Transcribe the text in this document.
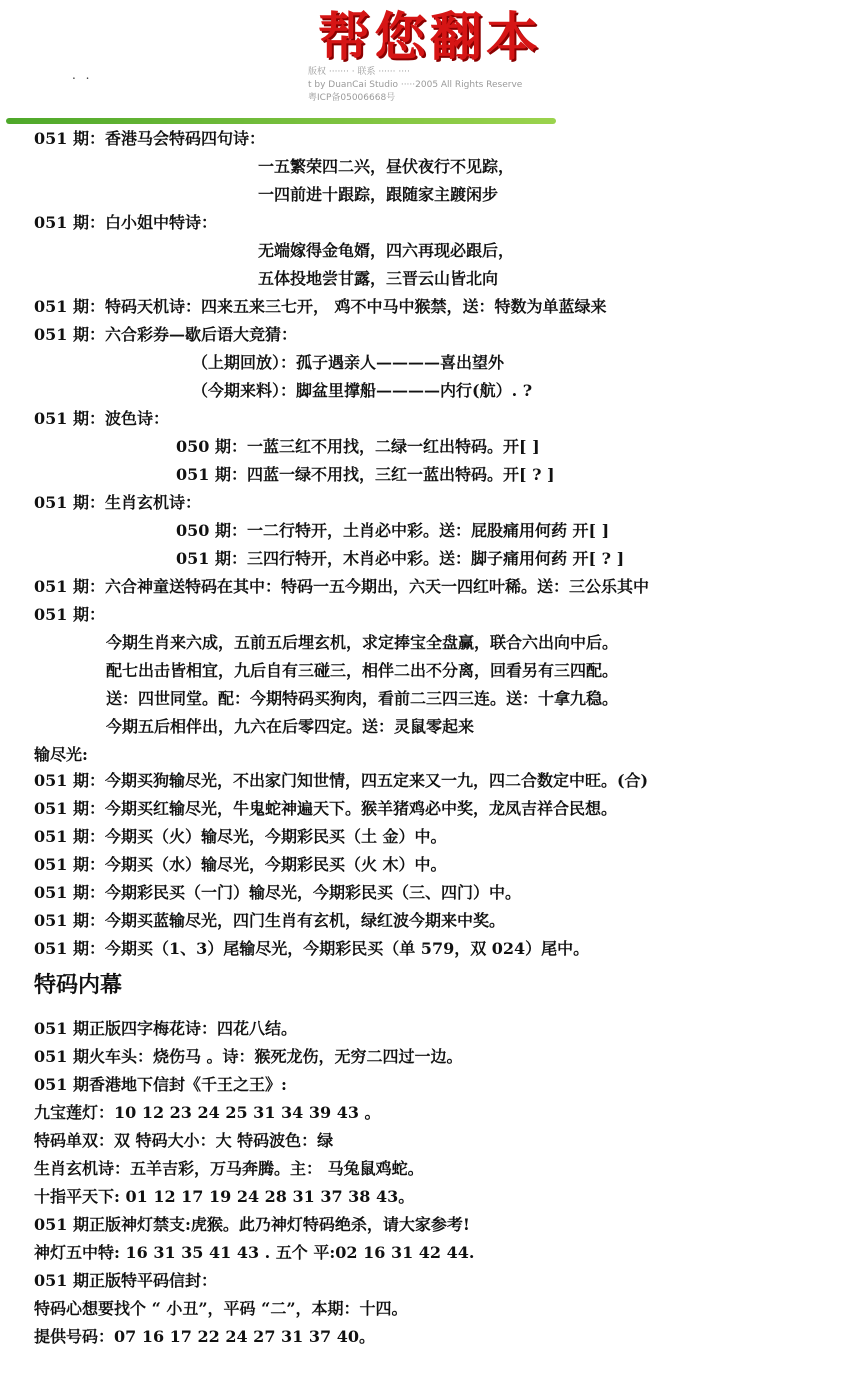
. .
帮您翻本
版权 ······· · 联系 ······ ····
t by DuanCai Studio ·····2005 All Rights Reserve
粤ICP备05006668号
051 期：香港马会特码四句诗：
一五繁荣四二兴，昼伏夜行不见踪，
一四前进十跟踪，跟随家主踱闲步
051 期：白小姐中特诗：
无端嫁得金龟婿，四六再现必跟后，
五体投地尝甘露，三晋云山皆北向
051 期：特码天机诗：四来五来三七开， 鸡不中马中猴禁，送：特数为单蓝绿来
051 期：六合彩券—歇后语大竞猜：
（上期回放）：孤子遇亲人————喜出望外
（今期来料）：脚盆里撑船————内行(航）. ?
051 期：波色诗：
050 期：一蓝三红不用找，二绿一红出特码。开[ ]
051 期：四蓝一绿不用找，三红一蓝出特码。开[ ? ]
051 期：生肖玄机诗：
050 期：一二行特开，土肖必中彩。送：屁股痛用何药 开[ ]
051 期：三四行特开，木肖必中彩。送：脚子痛用何药 开[ ? ]
051 期：六合神童送特码在其中：特码一五今期出，六天一四红叶稀。送：三公乐其中
051 期：
今期生肖来六成，五前五后埋玄机，求定捧宝全盘赢，联合六出向中后。
配七出击皆相宜，九后自有三碰三，相伴二出不分离，回看另有三四配。
送：四世同堂。配：今期特码买狗肉，看前二三四三连。送：十拿九稳。
今期五后相伴出，九六在后零四定。送：灵鼠零起来
输尽光:
051 期：今期买狗输尽光，不出家门知世情，四五定来又一九，四二合数定中旺。(合)
051 期：今期买红输尽光，牛鬼蛇神遍天下。猴羊猪鸡必中奖，龙凤吉祥合民想。
051 期：今期买（火）输尽光，今期彩民买（土 金）中。
051 期：今期买（水）输尽光，今期彩民买（火 木）中。
051 期：今期彩民买（一门）输尽光，今期彩民买（三、四门）中。
051 期：今期买蓝输尽光，四门生肖有玄机，绿红波今期来中奖。
051 期：今期买（1、3）尾输尽光，今期彩民买（单 579，双 024）尾中。
特码内幕
051 期正版四字梅花诗：四花八结。
051 期火车头：烧伤马 。诗：猴死龙伤，无穷二四过一边。
051 期香港地下信封《千王之王》:
九宝莲灯：10 12 23 24 25 31 34 39 43 。
特码单双：双 特码大小：大 特码波色：绿
生肖玄机诗：五羊吉彩，万马奔腾。主： 马兔鼠鸡蛇。
十指平天下: 01 12 17 19 24 28 31 37 38 43。
051 期正版神灯禁支:虎猴。此乃神灯特码绝杀，请大家参考!
神灯五中特: 16 31 35 41 43 . 五个 平:02 16 31 42 44.
051 期正版特平码信封：
特码心想要找个 “ 小丑”，平码 “二”，本期：十四。
提供号码：07 16 17 22 24 27 31 37 40。
